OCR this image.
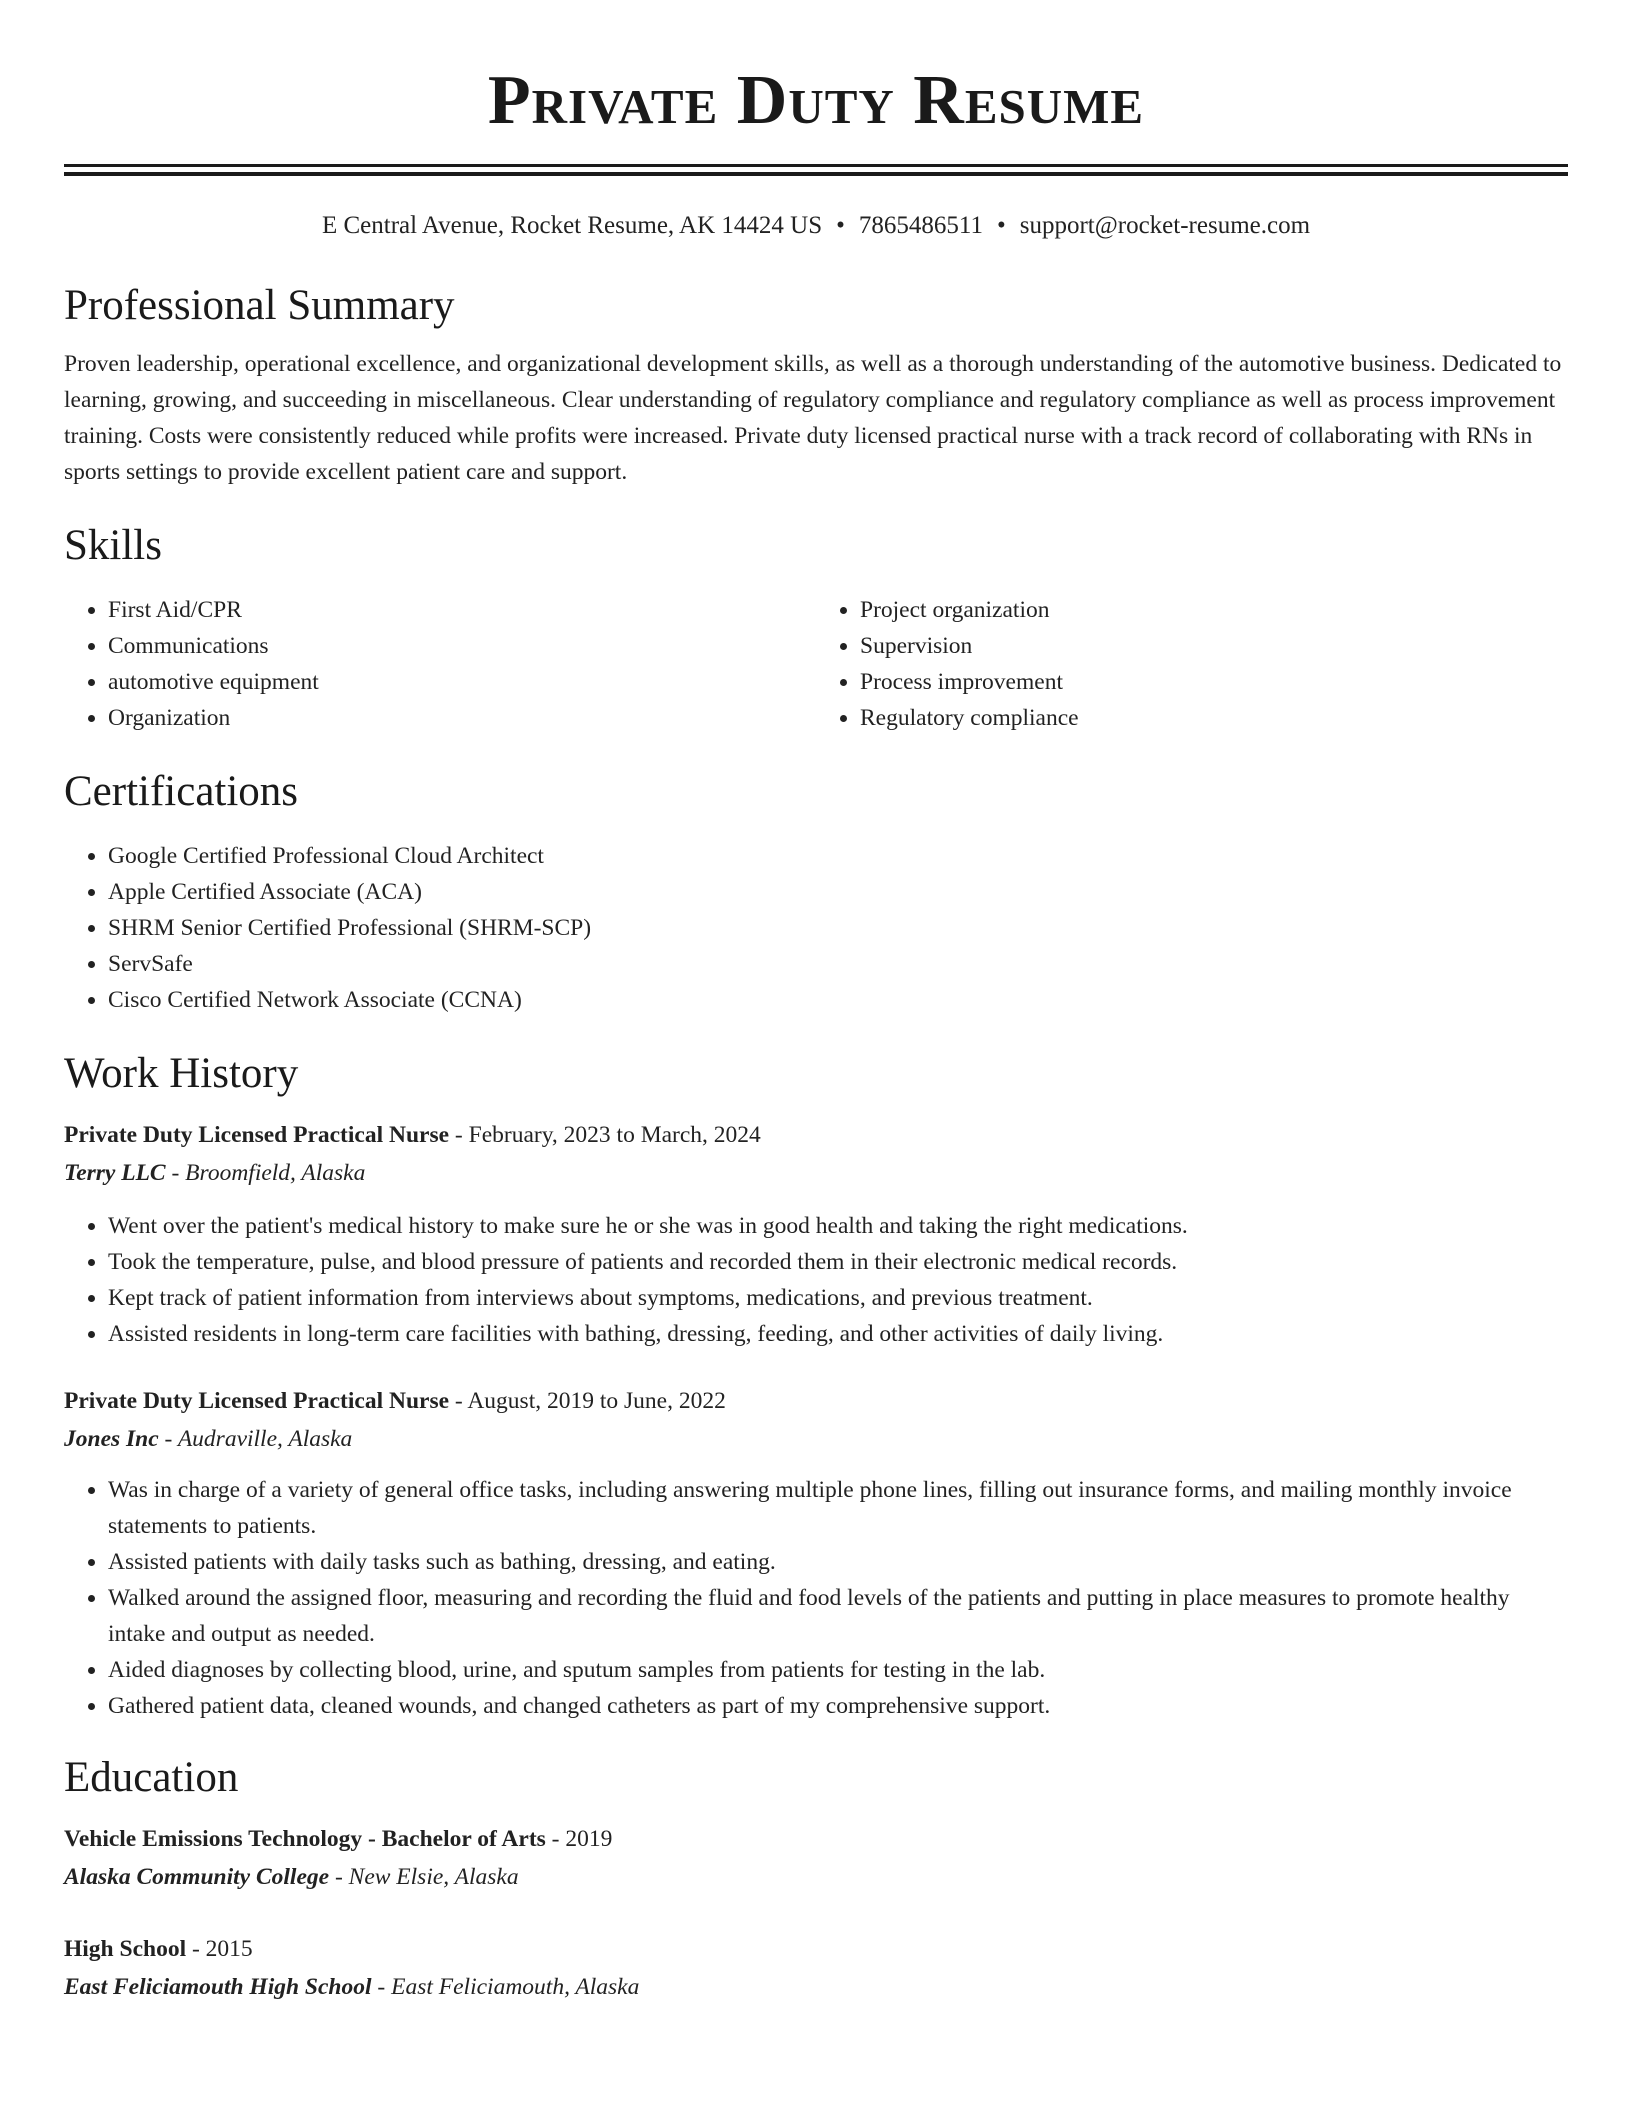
Private Duty Resume
E Central Avenue, Rocket Resume, AK 14424 US • 7865486511 • support@rocket-resume.com
Professional Summary

Proven leadership, operational excellence, and organizational development skills, as well as a thorough understanding of the automotive business. Dedicated to learning, growing, and succeeding in miscellaneous. Clear understanding of regulatory compliance and regulatory compliance as well as process improvement training. Costs were consistently reduced while profits were increased. Private duty licensed practical nurse with a track record of collaborating with RNs in sports settings to provide excellent patient care and support.

Skills
• First Aid/CPR
• Communications
• automotive equipment
• Organization
• Project organization
• Supervision
• Process improvement
• Regulatory compliance
Certifications
• Google Certified Professional Cloud Architect
• Apple Certified Associate (ACA)
• SHRM Senior Certified Professional (SHRM-SCP)
• ServSafe
• Cisco Certified Network Associate (CCNA)
Work History
Private Duty Licensed Practical Nurse - February, 2023 to March, 2024
Terry LLC - Broomfield, Alaska
• Went over the patient's medical history to make sure he or she was in good health and taking the right medications.
• Took the temperature, pulse, and blood pressure of patients and recorded them in their electronic medical records.
• Kept track of patient information from interviews about symptoms, medications, and previous treatment.
• Assisted residents in long-term care facilities with bathing, dressing, feeding, and other activities of daily living.
Private Duty Licensed Practical Nurse - August, 2019 to June, 2022
Jones Inc - Audraville, Alaska
• Was in charge of a variety of general office tasks, including answering multiple phone lines, filling out insurance forms, and mailing monthly invoice statements to patients.
• Assisted patients with daily tasks such as bathing, dressing, and eating.
• Walked around the assigned floor, measuring and recording the fluid and food levels of the patients and putting in place measures to promote healthy intake and output as needed.
• Aided diagnoses by collecting blood, urine, and sputum samples from patients for testing in the lab.
• Gathered patient data, cleaned wounds, and changed catheters as part of my comprehensive support.
Education
Vehicle Emissions Technology - Bachelor of Arts - 2019
Alaska Community College - New Elsie, Alaska
High School - 2015
East Feliciamouth High School - East Feliciamouth, Alaska
